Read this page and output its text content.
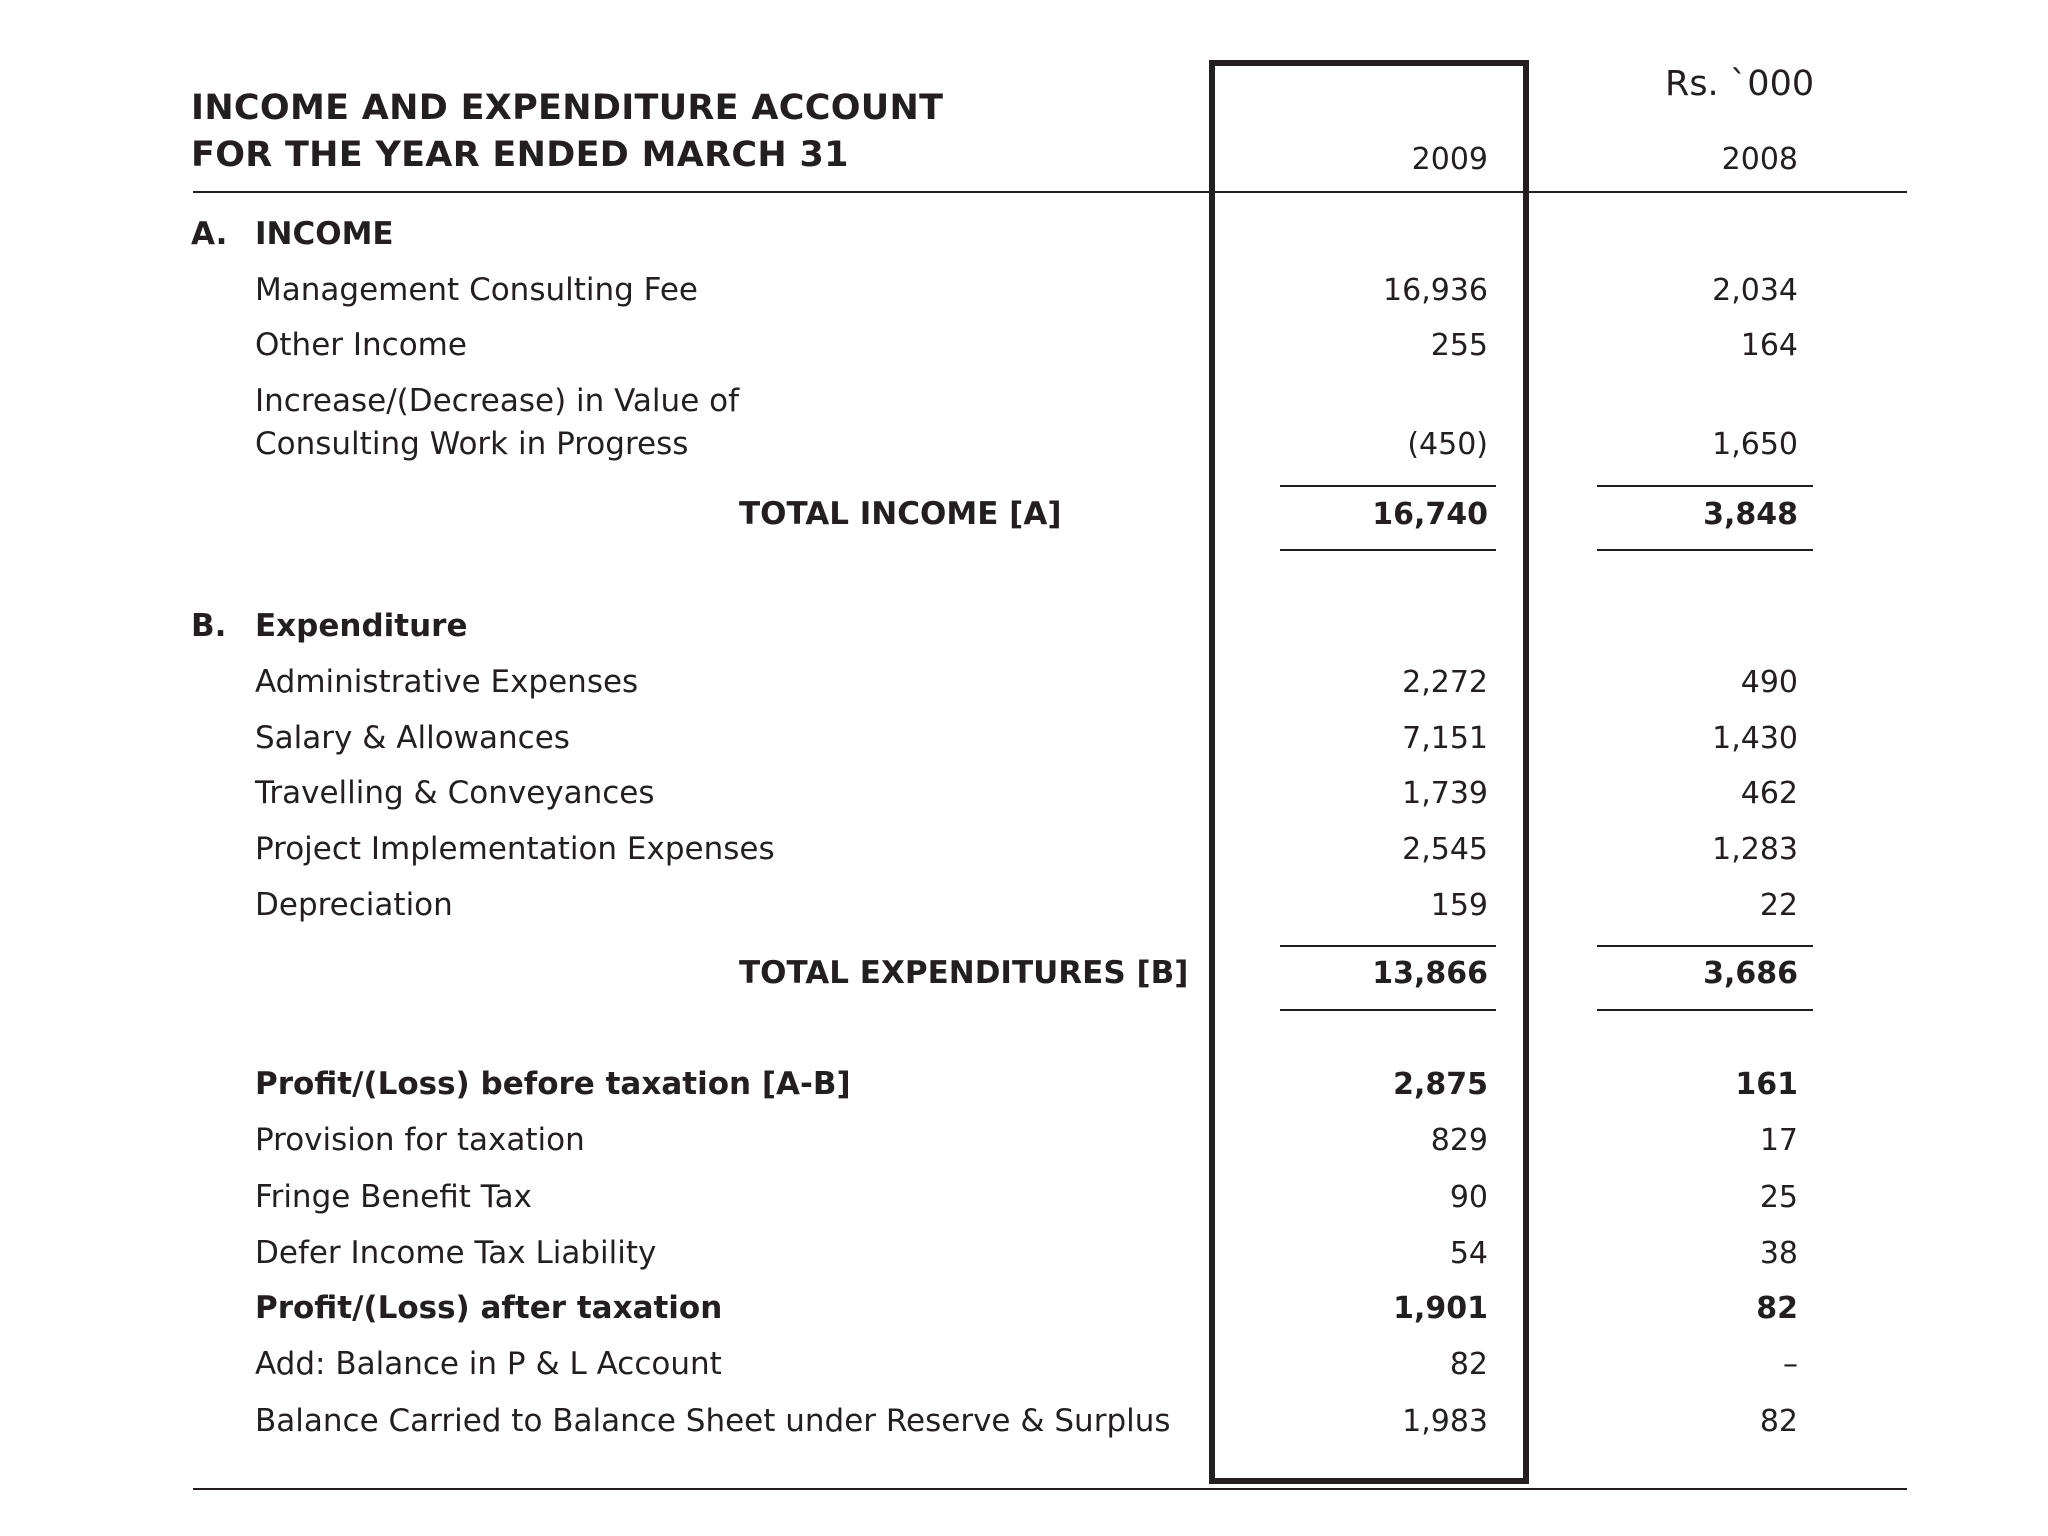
INCOME AND EXPENDITURE ACCOUNT
FOR THE YEAR ENDED MARCH 31
Rs. `000
2009	2008
A. INCOME
Management Consulting Fee	16,936	2,034
Other Income	255	164
Increase/(Decrease) in Value of
Consulting Work in Progress	(450)	1,650
TOTAL INCOME [A]	16,740	3,848
B. Expenditure
Administrative Expenses	2,272	490
Salary & Allowances	7,151	1,430
Travelling & Conveyances	1,739	462
Project Implementation Expenses	2,545	1,283
Depreciation	159	22
TOTAL EXPENDITURES [B]	13,866	3,686
Profit/(Loss) before taxation [A-B]	2,875	161
Provision for taxation	829	17
Fringe Benefit Tax	90	25
Defer Income Tax Liability	54	38
Profit/(Loss) after taxation	1,901	82
Add: Balance in P & L Account	82	–
Balance Carried to Balance Sheet under Reserve & Surplus	1,983	82
